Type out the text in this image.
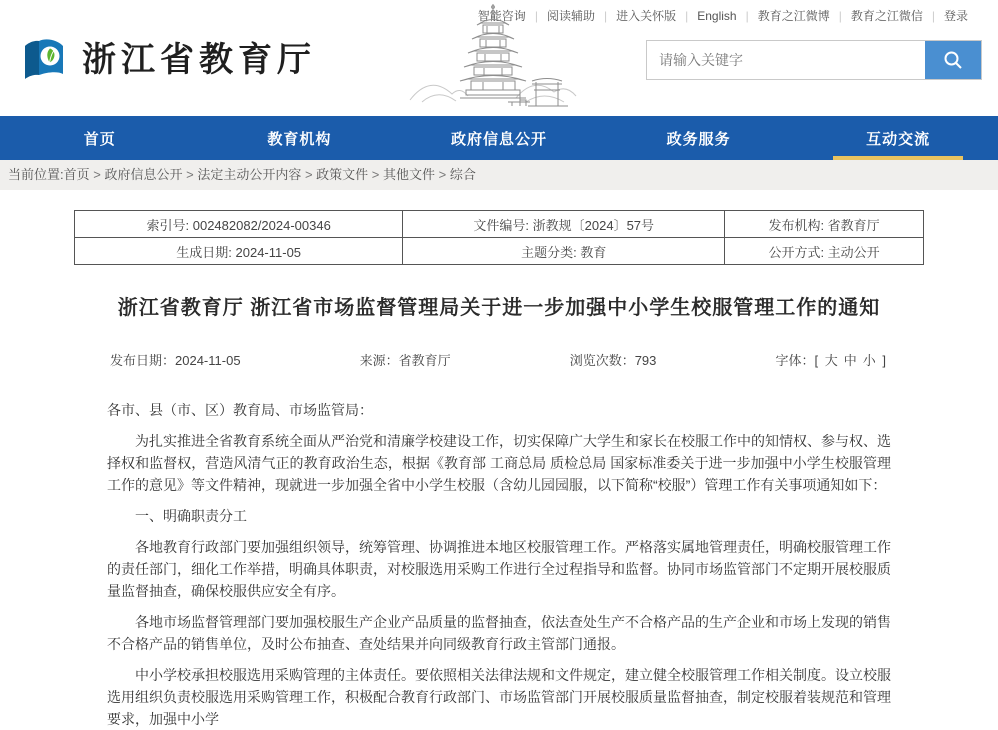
智能咨询 | 阅读辅助 | 进入关怀版 | English | 教育之江微博 | 教育之江微信 | 登录
浙江省教育厅
请输入关键字
首页	教育机构	政府信息公开	政务服务	互动交流
当前位置:首页 > 政府信息公开 > 法定主动公开内容 > 政策文件 > 其他文件 > 综合
索引号: 002482082/2024-00346	文件编号: 浙教规〔2024〕57号	发布机构: 省教育厅
生成日期: 2024-11-05	主题分类: 教育	公开方式: 主动公开
浙江省教育厅 浙江省市场监督管理局关于进一步加强中小学生校服管理工作的通知
发布日期：2024-11-05	来源：省教育厅	浏览次数：793	字体：[ 大 中 小 ]

各市、县（市、区）教育局、市场监管局：

为扎实推进全省教育系统全面从严治党和清廉学校建设工作，切实保障广大学生和家长在校服工作中的知情权、参与权、选择权和监督权，营造风清气正的教育政治生态，根据《教育部 工商总局 质检总局 国家标准委关于进一步加强中小学生校服管理工作的意见》等文件精神，现就进一步加强全省中小学生校服（含幼儿园园服，以下简称“校服”）管理工作有关事项通知如下：

一、明确职责分工

各地教育行政部门要加强组织领导，统筹管理、协调推进本地区校服管理工作。严格落实属地管理责任，明确校服管理工作的责任部门，细化工作举措，明确具体职责，对校服选用采购工作进行全过程指导和监督。协同市场监管部门不定期开展校服质量监督抽查，确保校服供应安全有序。

各地市场监督管理部门要加强校服生产企业产品质量的监督抽查，依法查处生产不合格产品的生产企业和市场上发现的销售不合格产品的销售单位，及时公布抽查、查处结果并向同级教育行政主管部门通报。

中小学校承担校服选用采购管理的主体责任。要依照相关法律法规和文件规定，建立健全校服管理工作相关制度。设立校服选用组织负责校服选用采购管理工作，积极配合教育行政部门、市场监管部门开展校服质量监督抽查，制定校服着装规范和管理要求，加强中小学
